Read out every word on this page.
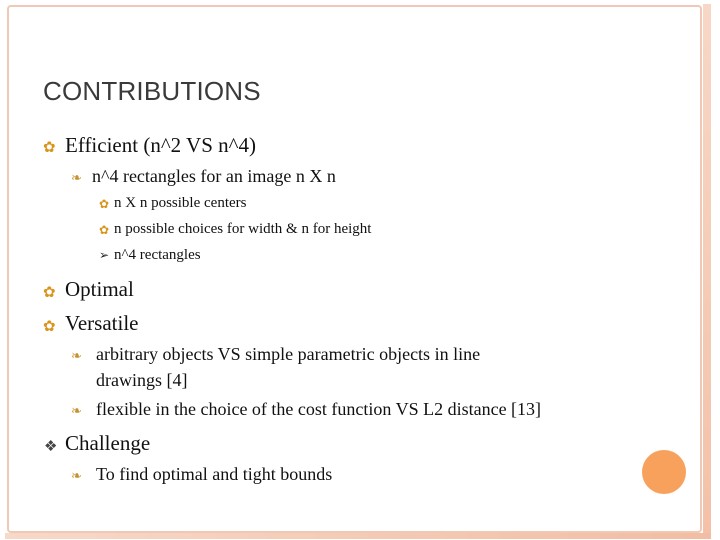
CONTRIBUTIONS
✿ Efficient (n^2 VS n^4)
❧ n^4 rectangles for an image n X n
✿ n X n possible centers
✿ n possible choices for width & n for height
➢ n^4 rectangles
✿ Optimal
✿ Versatile
❧ arbitrary objects VS simple parametric objects in line
drawings [4]
❧ flexible in the choice of the cost function VS L2 distance [13]
❖ Challenge
❧ To find optimal and tight bounds
